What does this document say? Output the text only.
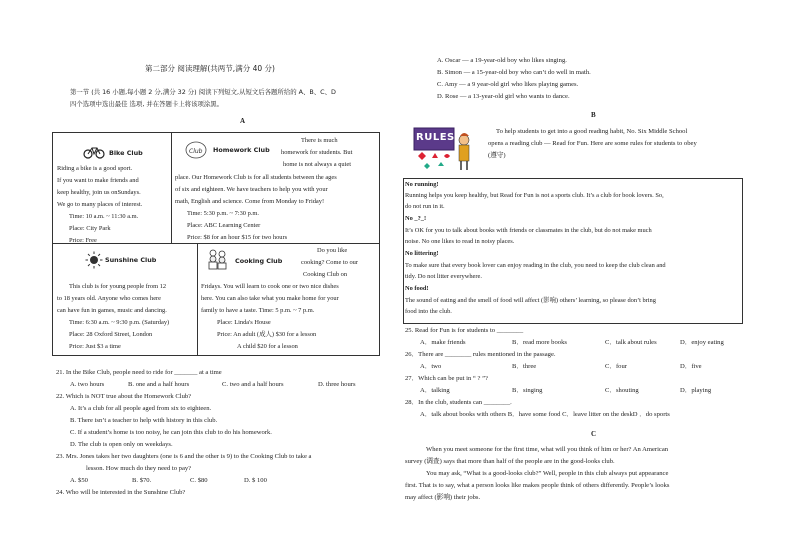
第二部分 阅读理解(共两节,满分 40 分)
第一节 (共 16 小题,每小题 2 分,满分 32 分) 阅读下列短文,从短文后各题所给的 A、B、C、D
四个选项中选出最佳 选项, 并在答题卡上将该项涂黑。
A
Bike Club
Riding a bike is a good sport.
If you want to make friends and
keep healthy, join us onSundays.
We go to many places of interest.
Time: 10 a.m. ~ 11:30 a.m.
Place: City Park
Price: Free
Club Homework Club
There is much
homework for students. But
home is not always a quiet
place. Our Homework Club is for all students between the ages
of six and eighteen. We have teachers to help you with your
math, English and science. Come from Monday to Friday!
Time: 5:30 p.m. ~ 7:30 p.m.
Place: ABC Learning Center
Price: $8 for an hour $15 for two hours
Sunshine Club
This club is for young people from 12
to 18 years old. Anyone who comes here
can have fun in games, music and dancing.
Time: 6:30 a.m. ~ 9:30 p.m. (Saturday)
Place: 28 Oxford Street, London
Price: Just $3 a time
Cooking Club
Do you like
cooking? Come to our
Cooking Club on
Fridays. You will learn to cook one or two nice dishes
here. You can also take what you make home for your
family to have a taste. Time: 5 p.m. ~ 7 p.m.
Place: Linda's House
Price: An adult (成人) $30 for a lesson
A child $20 for a lesson
21. In the Bike Club, people need to ride for _______ at a time
A. two hours	B. one and a half hours	C. two and a half hours	D. three hours
22. Which is NOT true about the Homework Club?
A. It’s a club for all people aged from six to eighteen.
B. There isn’t a teacher to help with history in this club.
C. If a student’s home is too noisy, he can join this club to do his homework.
D. The club is open only on weekdays.
23. Mrs. Jones takes her two daughters (one is 6 and the other is 9) to the Cooking Club to take a
lesson. How much do they need to pay?
A. $50	B. $70.	C. $80	D. $ 100
24. Who will be interested in the Sunshine Club?
A. Oscar — a 19-year-old boy who likes singing.
B. Simon — a 15-year-old boy who can’t do well in math.
C. Amy — a 9 year-old girl who likes playing games.
D. Rose — a 13-year-old girl who wants to dance.
B
RULES
To help students to get into a good reading habit, No. Six Middle School
opens a reading club — Read for Fun. Here are some rules for students to obey
(遵守)
No running!
Running helps you keep healthy, but Read for Fun is not a sports club. It’s a club for book lovers. So,
do not run in it.
No _?_!
It’s OK for you to talk about books with friends or classmates in the club, but do not make much
noise. No one likes to read in noisy places.
No littering!
To make sure that every book lover can enjoy reading in the club, you need to keep the club clean and
tidy. Do not litter everywhere.
No food!
The sound of eating and the smell of food will affect (影响) others’ learning, so please don’t bring
food into the club.
25. Read for Fun is for students to ________
A．make friends	B．read more books	C．talk about rules	D．enjoy eating
26．There are ________ rules mentioned in the passage.
A．two	B．three	C．four	D．five
27．Which can be put in “ ? ”?
A．talking	B．singing	C．shouting	D．playing
28．In the club, students can ________.
A．talk about books with others B．have some food C．leave litter on the deskD ．do sports
C
When you meet someone for the first time, what will you think of him or her? An American
survey (调查) says that more than half of the people are in the good-looks club.
You may ask, “What is a good-looks club?” Well, people in this club always put appearance
first. That is to say, what a person looks like makes people think of others differently. People’s looks
may affect (影响) their jobs.
